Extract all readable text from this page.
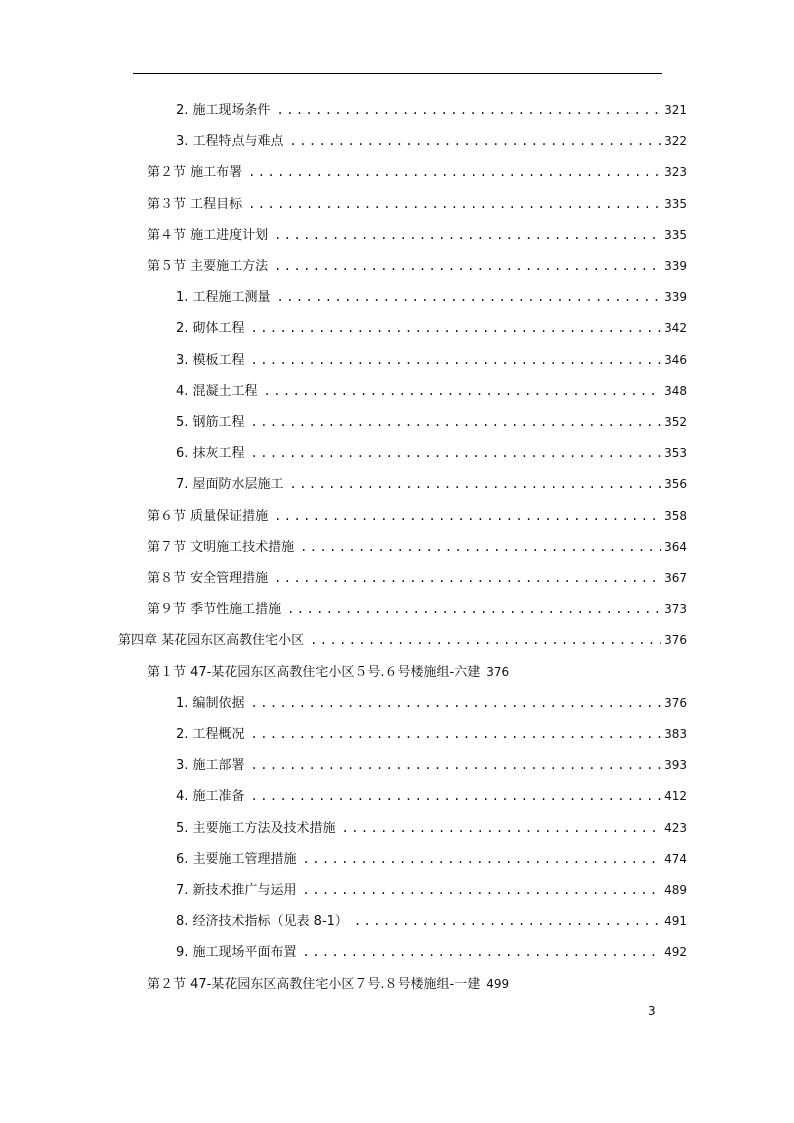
2. 施工现场条件 . . .	321
3. 工程特点与难点 . . .	322
第２节 施工布署 . . .	323
第３节 工程目标 . . .	335
第４节 施工进度计划 . . .	335
第５节 主要施工方法 . . .	339
1. 工程施工测量 . . .	339
2. 砌体工程 . . .	342
3. 模板工程 . . .	346
4. 混凝土工程 . . .	348
5. 钢筋工程 . . .	352
6. 抹灰工程 . . .	353
7. 屋面防水层施工 . . .	356
第６节 质量保证措施 . . .	358
第７节 文明施工技术措施 . . .	364
第８节 安全管理措施 . . .	367
第９节 季节性施工措施 . . .	373
第四章 某花园东区高教住宅小区 . . .	376
第１节 47-某花园东区高教住宅小区５号.６号楼施组-六建 376
1. 编制依据 . . .	376
2. 工程概况 . . .	383
3. 施工部署 . . .	393
4. 施工准备 . . .	412
5. 主要施工方法及技术措施 . . .	423
6. 主要施工管理措施 . . .	474
7. 新技术推广与运用 . . .	489
8. 经济技术指标（见表 8-1） . . .	491
9. 施工现场平面布置 . . .	492
第２节 47-某花园东区高教住宅小区７号.８号楼施组-一建 499
3
